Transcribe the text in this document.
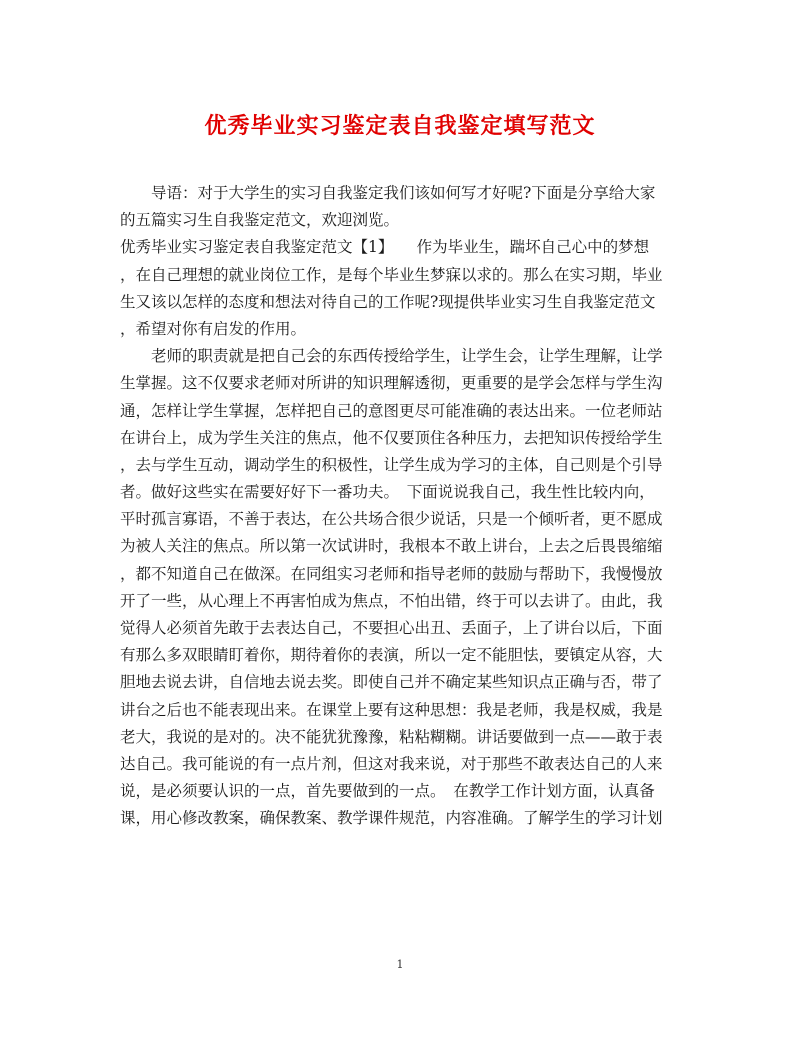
优秀毕业实习鉴定表自我鉴定填写范文
　　导语：对于大学生的实习自我鉴定我们该如何写才好呢?下面是分享给大家
的五篇实习生自我鉴定范文，欢迎浏览。
优秀毕业实习鉴定表自我鉴定范文【1】　　作为毕业生，踹坏自己心中的梦想
，在自己理想的就业岗位工作，是每个毕业生梦寐以求的。那么在实习期，毕业
生又该以怎样的态度和想法对待自己的工作呢?现提供毕业实习生自我鉴定范文
，希望对你有启发的作用。
　　老师的职责就是把自己会的东西传授给学生，让学生会，让学生理解，让学
生掌握。这不仅要求老师对所讲的知识理解透彻，更重要的是学会怎样与学生沟
通，怎样让学生掌握，怎样把自己的意图更尽可能准确的表达出来。一位老师站
在讲台上，成为学生关注的焦点，他不仅要顶住各种压力，去把知识传授给学生
，去与学生互动，调动学生的积极性，让学生成为学习的主体，自己则是个引导
者。做好这些实在需要好好下一番功夫。　下面说说我自己，我生性比较内向，
平时孤言寡语，不善于表达，在公共场合很少说话，只是一个倾听者，更不愿成
为被人关注的焦点。所以第一次试讲时，我根本不敢上讲台，上去之后畏畏缩缩
，都不知道自己在做深。在同组实习老师和指导老师的鼓励与帮助下，我慢慢放
开了一些，从心理上不再害怕成为焦点，不怕出错，终于可以去讲了。由此，我
觉得人必须首先敢于去表达自己，不要担心出丑、丢面子，上了讲台以后，下面
有那么多双眼睛盯着你，期待着你的表演，所以一定不能胆怯，要镇定从容，大
胆地去说去讲，自信地去说去奖。即使自己并不确定某些知识点正确与否，带了
讲台之后也不能表现出来。在课堂上要有这种思想：我是老师，我是权威，我是
老大，我说的是对的。决不能犹犹豫豫，粘粘糊糊。讲话要做到一点——敢于表
达自己。我可能说的有一点片剂，但这对我来说，对于那些不敢表达自己的人来
说，是必须要认识的一点，首先要做到的一点。　在教学工作计划方面，认真备
课，用心修改教案，确保教案、教学课件规范，内容准确。了解学生的学习计划
1
